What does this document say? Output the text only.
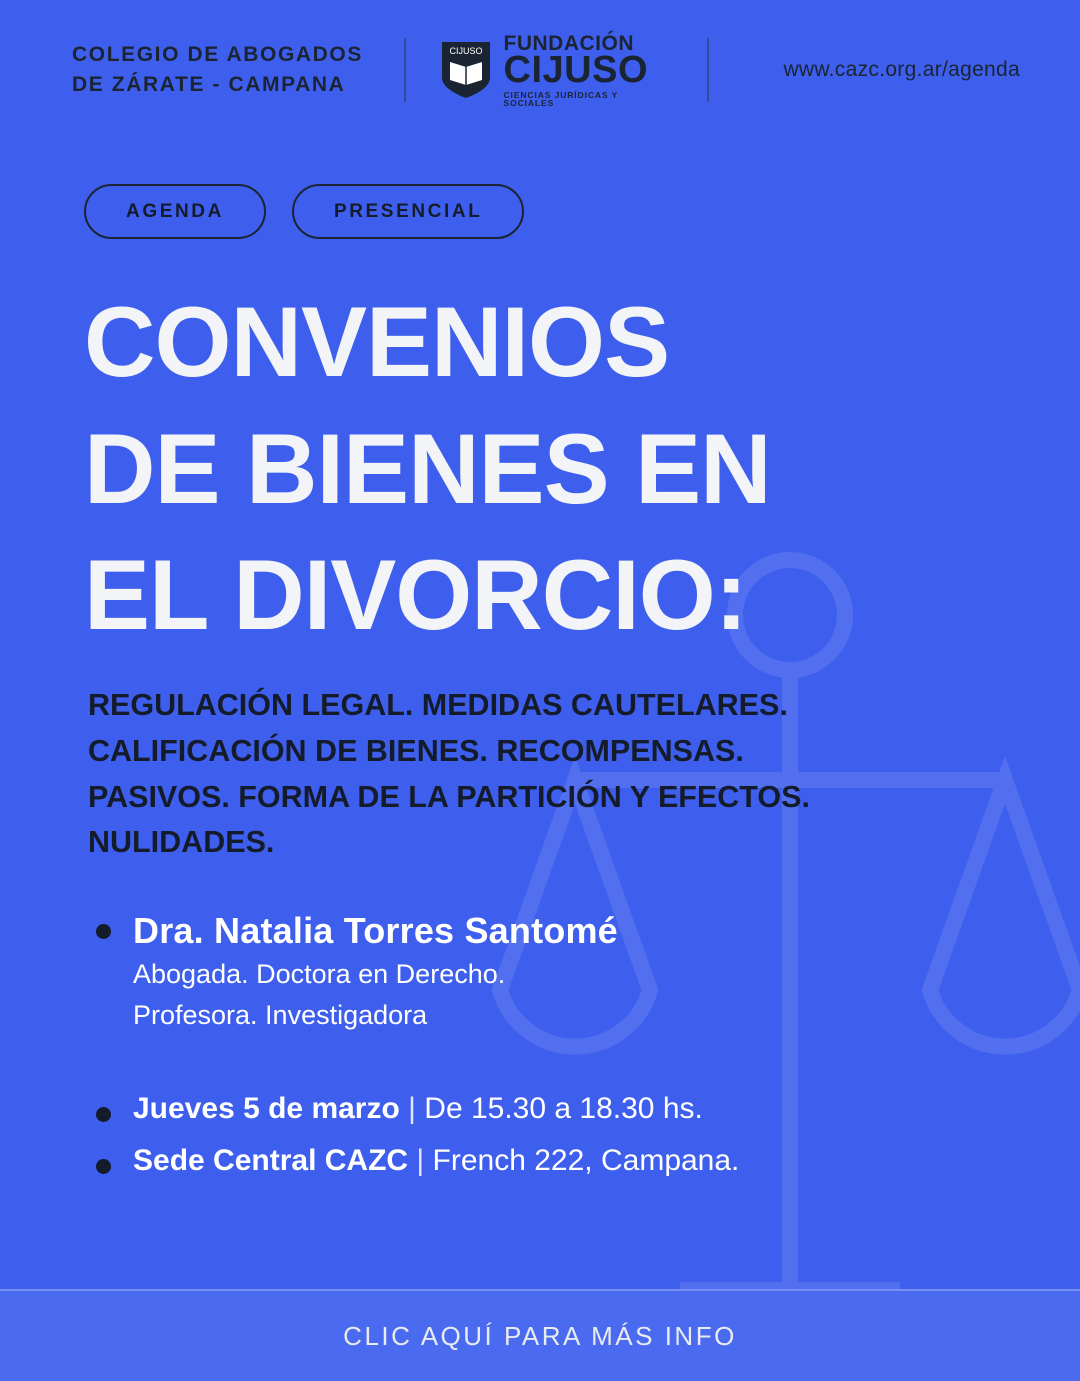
COLEGIO DE ABOGADOS
DE ZÁRATE - CAMPANA
CIJUSO FUNDACIÓN
CIJUSO
CIENCIAS JURÍDICAS Y SOCIALES
www.cazc.org.ar/agenda
AGENDA	PRESENCIAL
CONVENIOS
DE BIENES EN
EL DIVORCIO:
REGULACIÓN LEGAL. MEDIDAS CAUTELARES.
CALIFICACIÓN DE BIENES. RECOMPENSAS.
PASIVOS. FORMA DE LA PARTICIÓN Y EFECTOS.
NULIDADES.
Dra. Natalia Torres Santomé
Abogada. Doctora en Derecho.
Profesora. Investigadora
Jueves 5 de marzo | De 15.30 a 18.30 hs.
Sede Central CAZC | French 222, Campana.
CLIC AQUÍ PARA MÁS INFO
